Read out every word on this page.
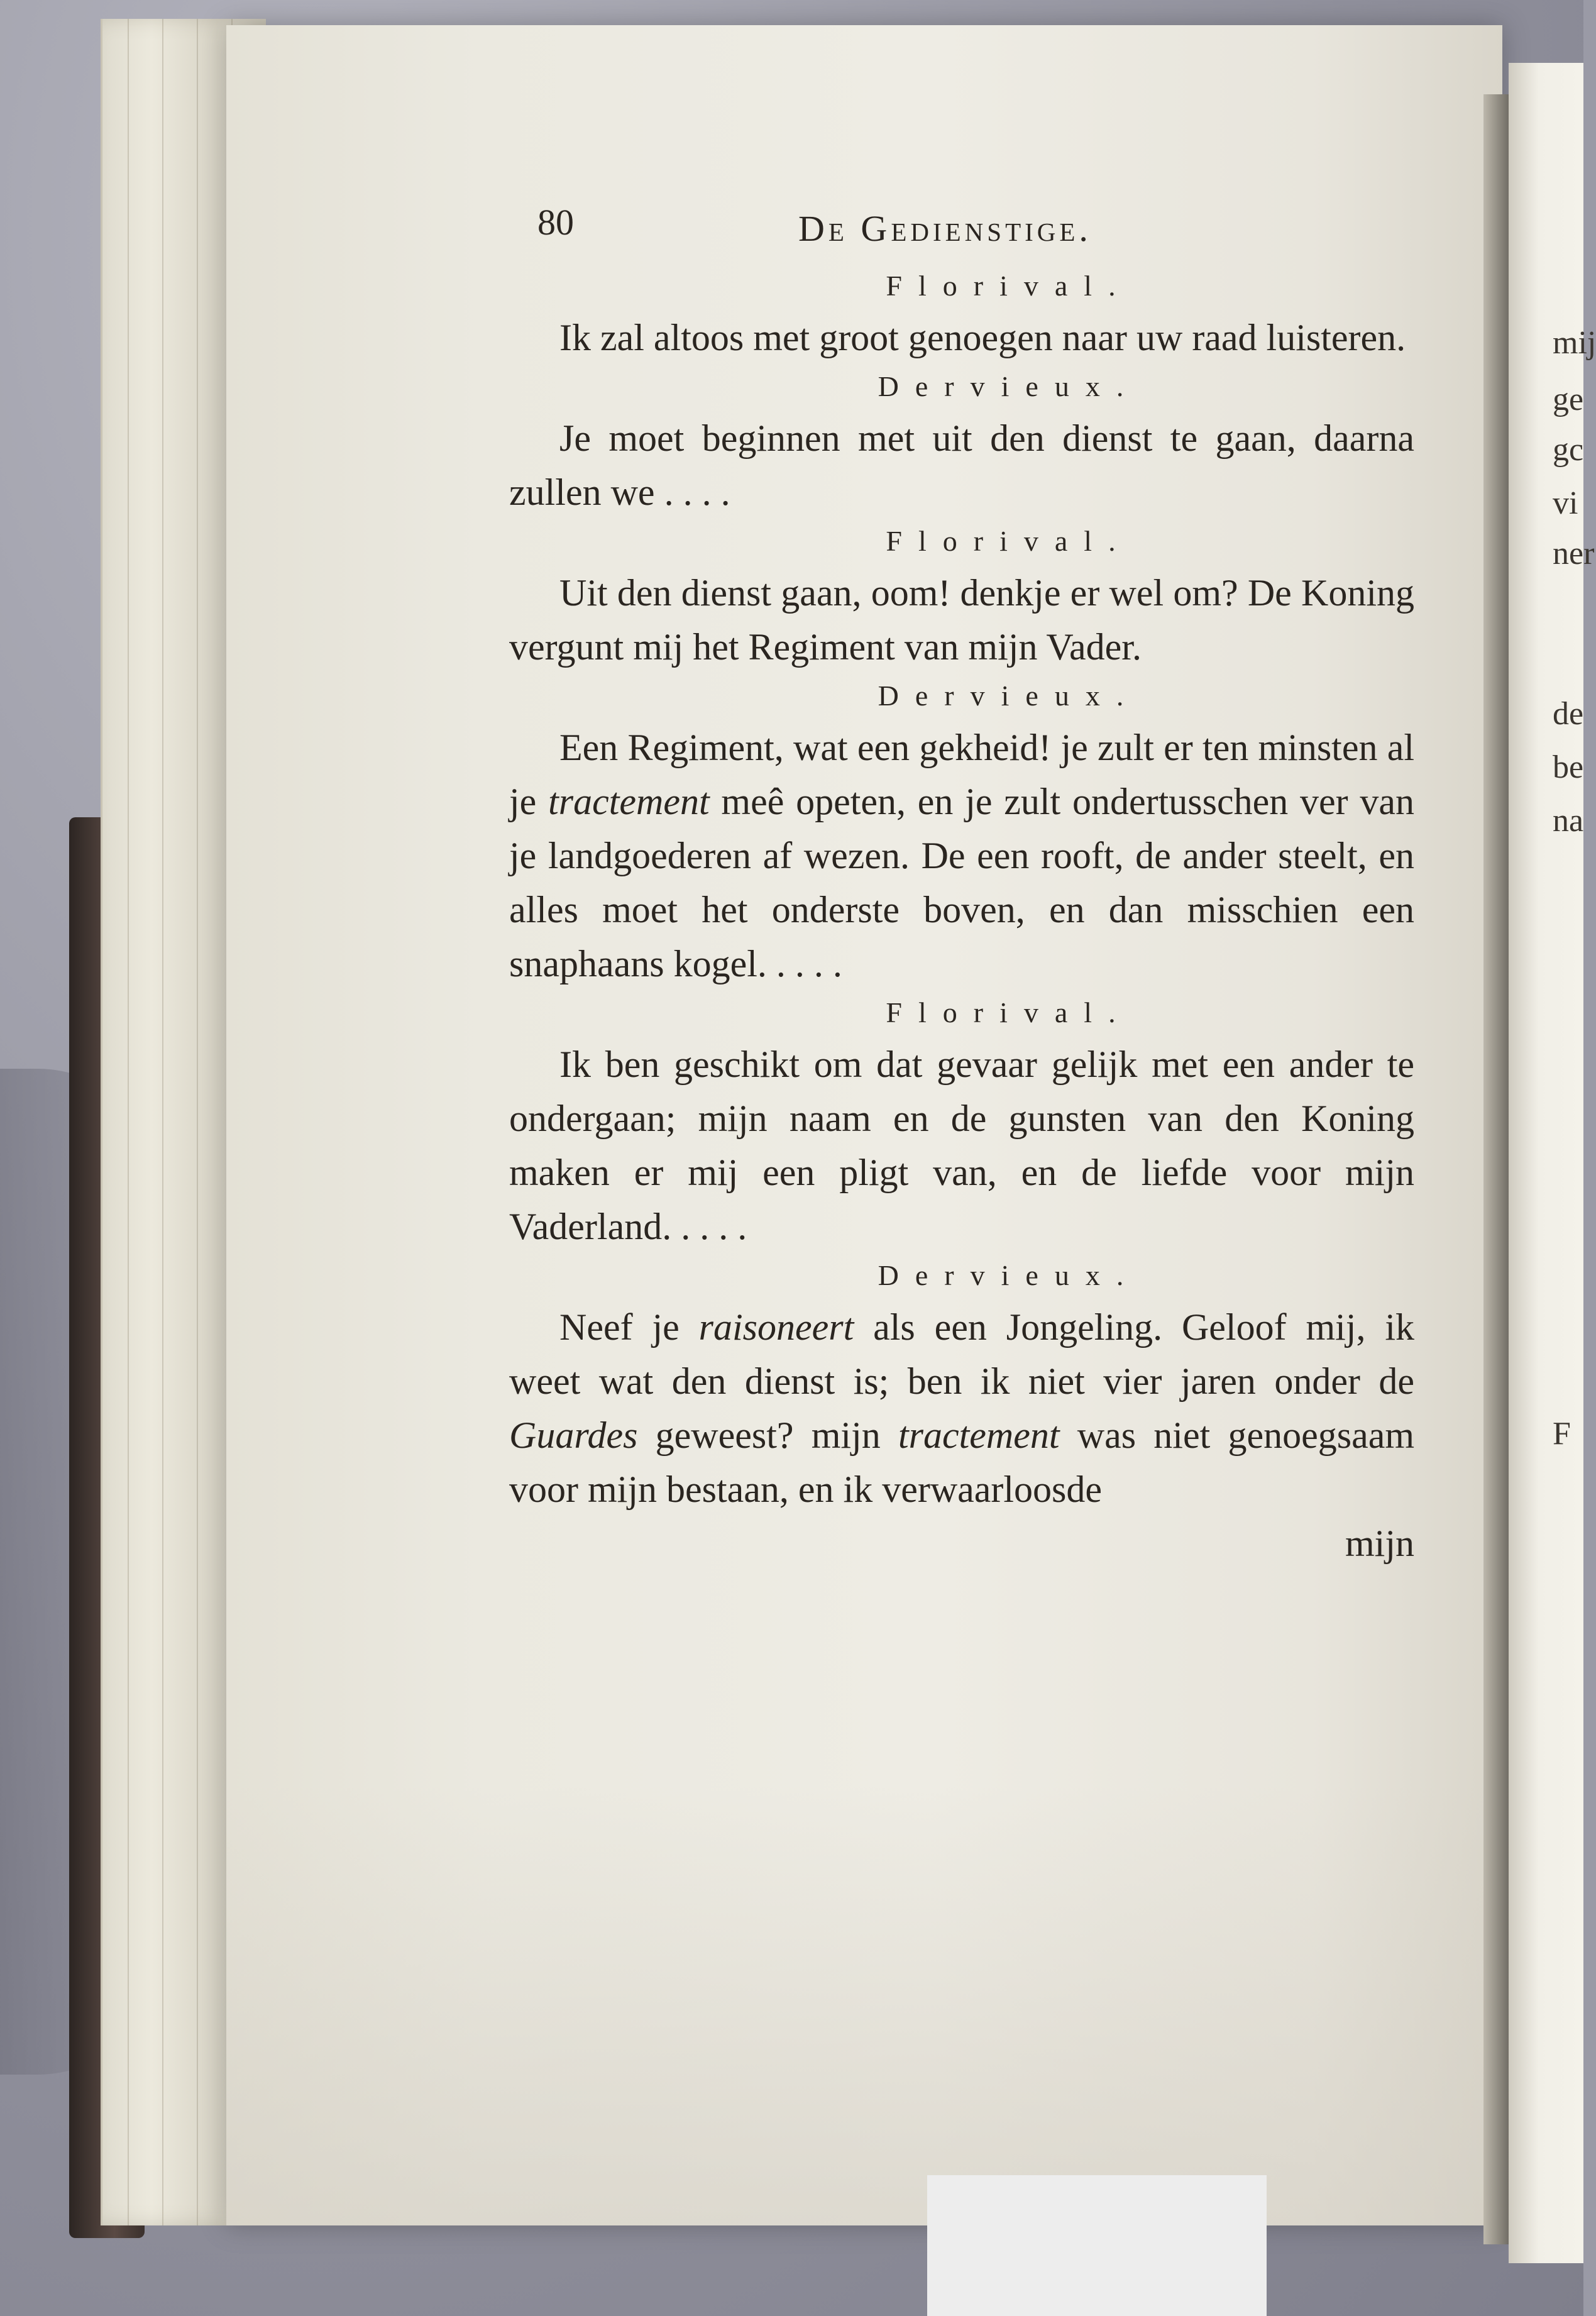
mij
ge
gc
vi
ner
de
be
na
F
80	De Gedienstige.

Florival.

Ik zal altoos met groot genoegen naar uw raad luisteren.

Dervieux.

Je moet beginnen met uit den dienst te gaan, daarna zullen we . . . .

Florival.

Uit den dienst gaan, oom! denkje er wel om? De Koning vergunt mij het Regiment van mijn Vader.

Dervieux.

Een Regiment, wat een gekheid! je zult er ten minsten al je tractement meê opeten, en je zult ondertusschen ver van je landgoederen af wezen. De een rooft, de ander steelt, en alles moet het onderste boven, en dan misschien een snaphaans kogel. . . . .

Florival.

Ik ben geschikt om dat gevaar gelijk met een ander te ondergaan; mijn naam en de gunsten van den Koning maken er mij een pligt van, en de liefde voor mijn Vaderland. . . . .

Dervieux.

Neef je raisoneert als een Jongeling. Geloof mij, ik weet wat den dienst is; ben ik niet vier jaren onder de Guardes geweest? mijn tractement was niet genoegsaam voor mijn bestaan, en ik verwaarloosde

mijn
